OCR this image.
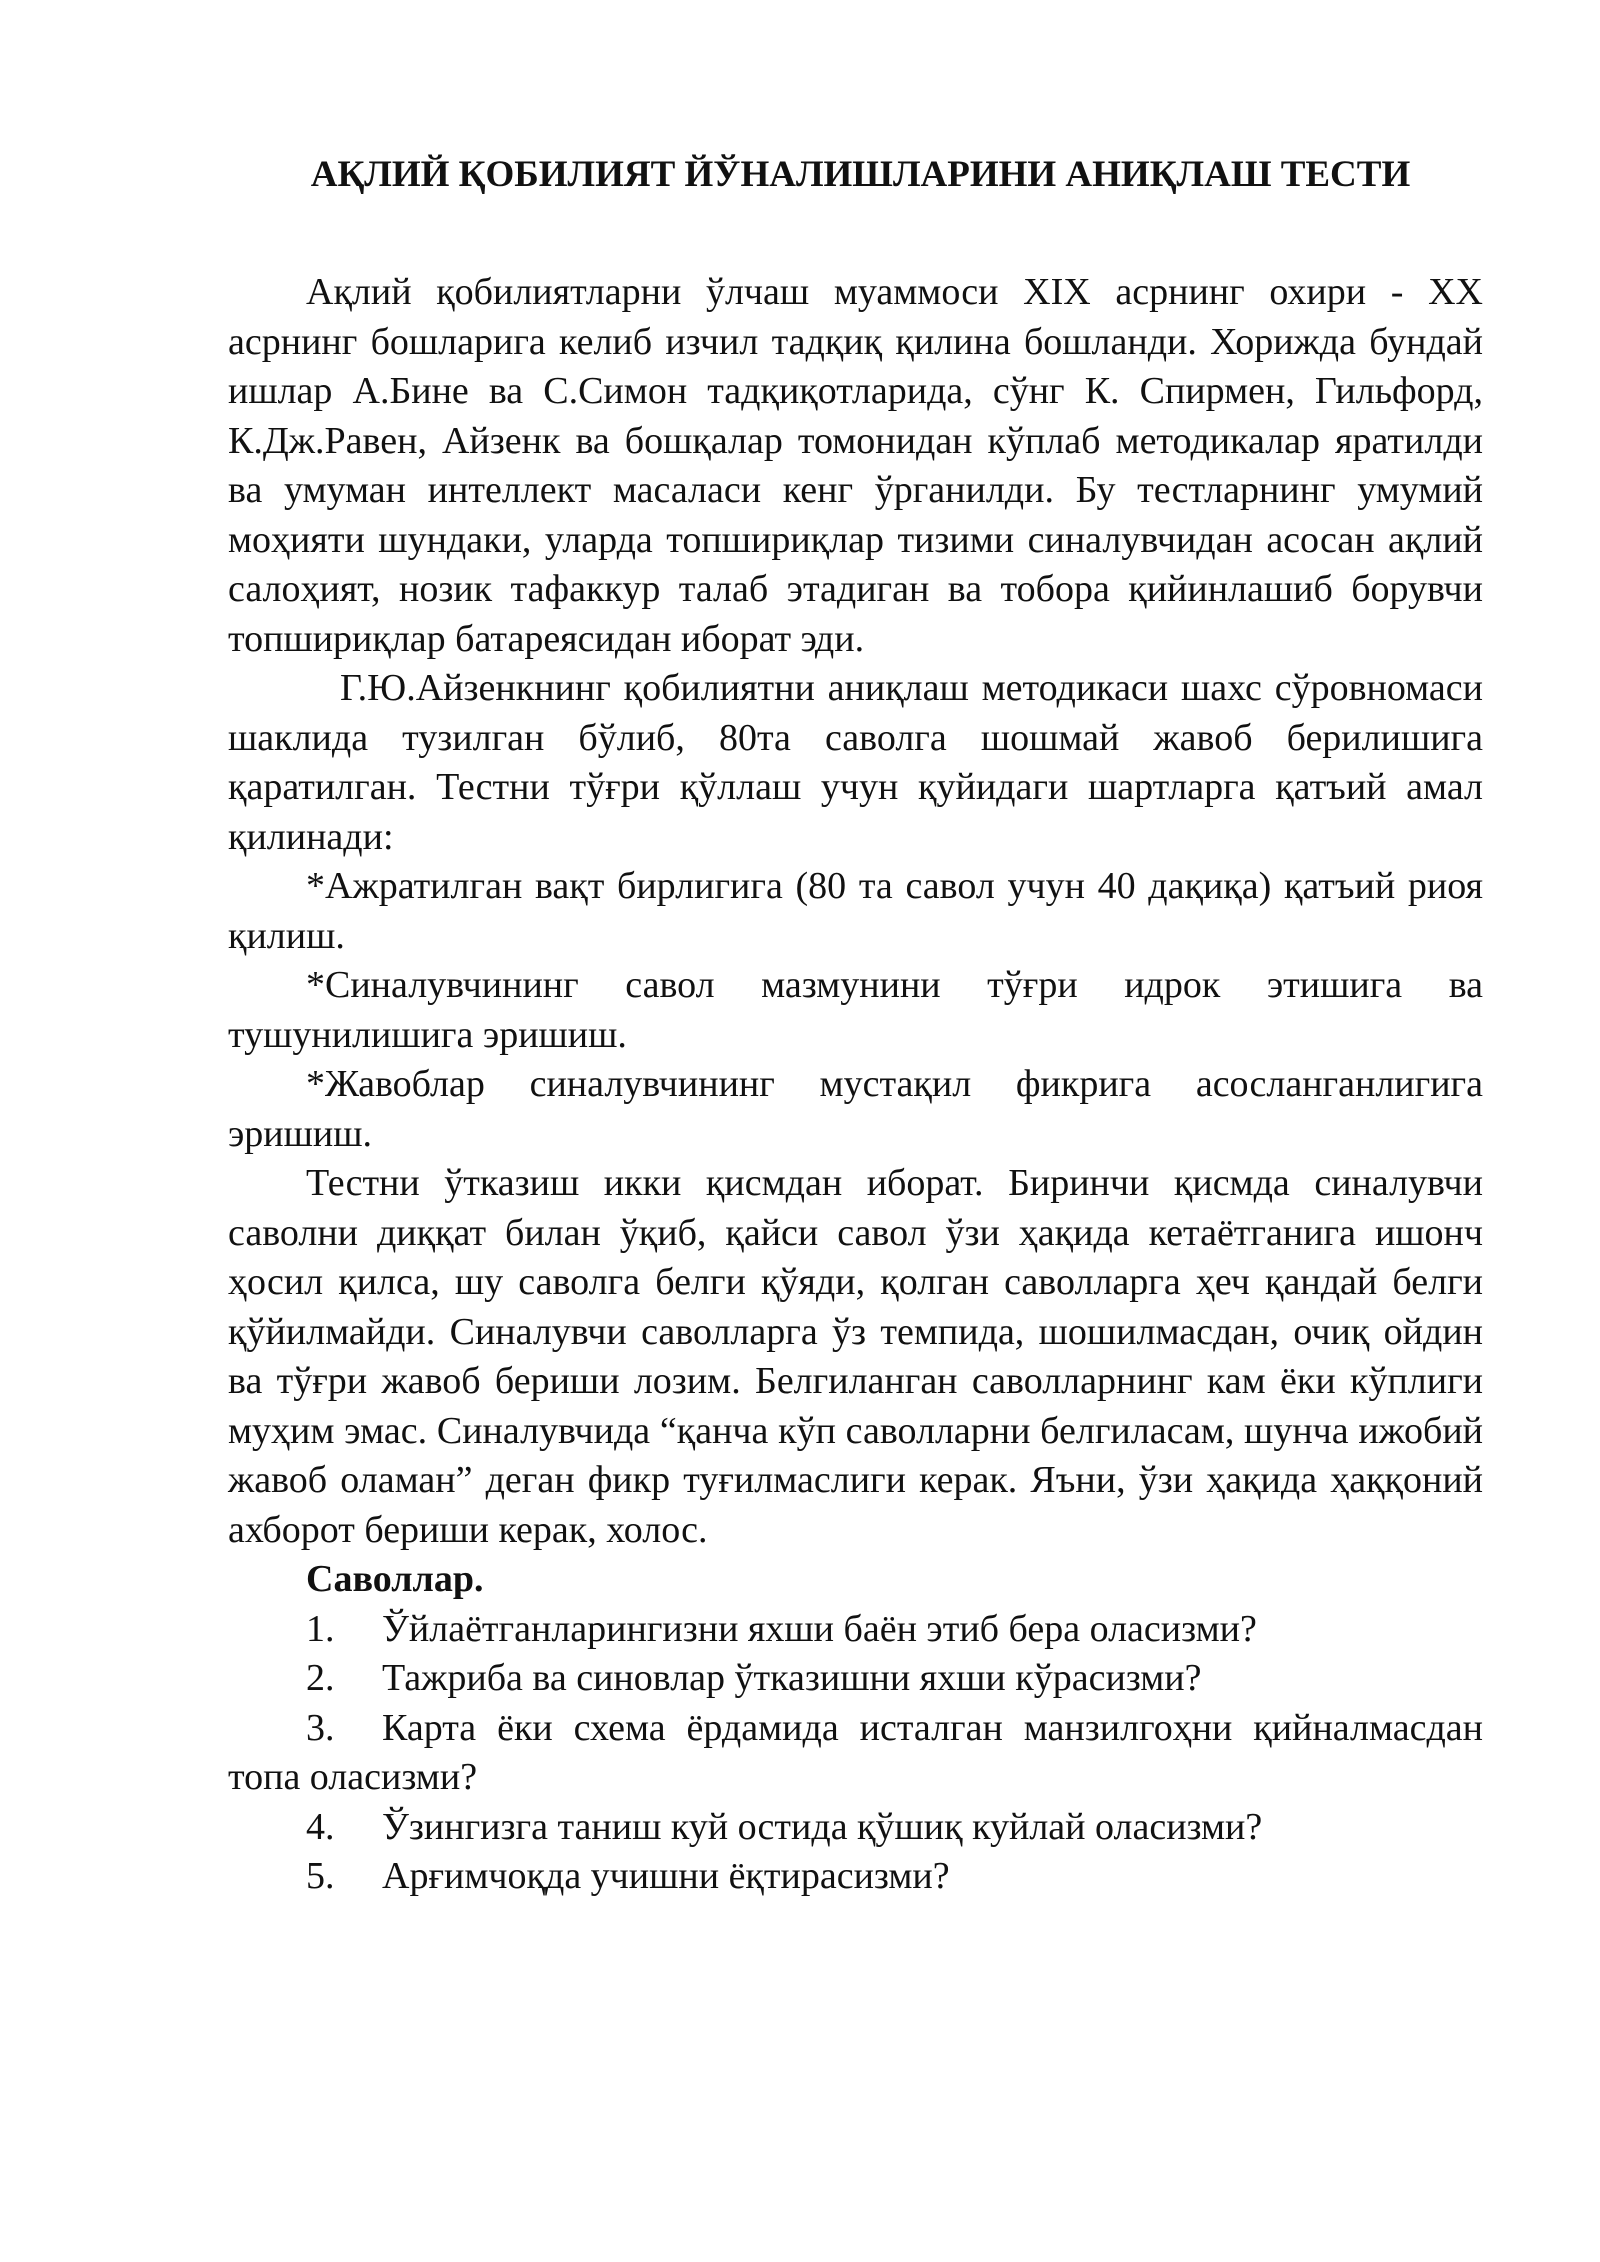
АҚЛИЙ ҚОБИЛИЯТ ЙЎНАЛИШЛАРИНИ АНИҚЛАШ ТЕСТИ

Ақлий қобилиятларни ўлчаш муаммоси XIX асрнинг охири - XX асрнинг бошларига келиб изчил тадқиқ қилина бошланди. Хорижда бундай ишлар А.Бине ва С.Симон тадқиқотларида, сўнг К. Спирмен, Гильфорд, К.Дж.Равен, Айзенк ва бошқалар томонидан кўплаб методикалар яратилди ва умуман интеллект масаласи кенг ўрганилди. Бу тестларнинг умумий моҳияти шундаки, уларда топшириқлар тизими синалувчидан асосан ақлий салоҳият, нозик тафаккур талаб этадиган ва тобора қийинлашиб борувчи топшириқлар батареясидан иборат эди.

Г.Ю.Айзенкнинг қобилиятни аниқлаш методикаси шахс сўровномаси шаклида тузилган бўлиб, 80та саволга шошмай жавоб берилишига қаратилган. Тестни тўғри қўллаш учун қуйидаги шартларга қатъий амал қилинади:

*Ажратилган вақт бирлигига (80 та савол учун 40 дақиқа) қатъий риоя қилиш.

*Синалувчининг савол мазмунини тўғри идрок этишига ва тушунилишига эришиш.

*Жавоблар синалувчининг мустақил фикрига асосланганлигига эришиш.

Тестни ўтказиш икки қисмдан иборат. Биринчи қисмда синалувчи саволни диққат билан ўқиб, қайси савол ўзи ҳақида кетаётганига ишонч ҳосил қилса, шу саволга белги қўяди, қолган саволларга ҳеч қандай белги қўйилмайди. Синалувчи саволларга ўз темпида, шошилмасдан, очиқ ойдин ва тўғри жавоб бериши лозим. Белгиланган саволларнинг кам ёки кўплиги муҳим эмас. Синалувчида “қанча кўп саволларни белгиласам, шунча ижобий жавоб оламан” деган фикр туғилмаслиги керак. Яъни, ўзи ҳақида ҳаққоний ахборот бериши керак, холос.

Саволлар.

1.	Ўйлаётганларингизни яхши баён этиб бера оласизми?
2.	Тажриба ва синовлар ўтказишни яхши кўрасизми?

3. Карта ёки схема ёрдамида исталган манзилгоҳни қийналмасдан топа оласизми?

4.	Ўзингизга таниш куй остида қўшиқ куйлай оласизми?
5.	Арғимчоқда учишни ёқтирасизми?
